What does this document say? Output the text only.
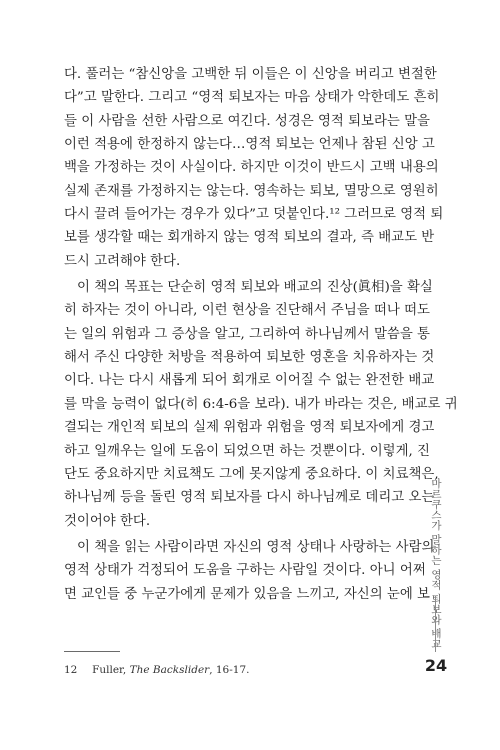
다. 풀러는 “참신앙을 고백한 뒤 이들은 이 신앙을 버리고 변절한
다”고 말한다. 그리고 “영적 퇴보자는 마음 상태가 악한데도 흔히
들 이 사람을 선한 사람으로 여긴다. 성경은 영적 퇴보라는 말을
이런 적용에 한정하지 않는다…영적 퇴보는 언제나 참된 신앙 고
백을 가정하는 것이 사실이다. 하지만 이것이 반드시 고백 내용의
실제 존재를 가정하지는 않는다. 영속하는 퇴보, 멸망으로 영원히
다시 끌려 들어가는 경우가 있다”고 덧붙인다.¹² 그러므로 영적 퇴
보를 생각할 때는 회개하지 않는 영적 퇴보의 결과, 즉 배교도 반
드시 고려해야 한다.
이 책의 목표는 단순히 영적 퇴보와 배교의 진상(眞相)을 확실
히 하자는 것이 아니라, 이런 현상을 진단해서 주님을 떠나 떠도
는 일의 위험과 그 증상을 알고, 그리하여 하나님께서 말씀을 통
해서 주신 다양한 처방을 적용하여 퇴보한 영혼을 치유하자는 것
이다. 나는 다시 새롭게 되어 회개로 이어질 수 없는 완전한 배교
를 막을 능력이 없다(히 6:4-6을 보라). 내가 바라는 것은, 배교로 귀
결되는 개인적 퇴보의 실제 위험과 위험을 영적 퇴보자에게 경고
하고 일깨우는 일에 도움이 되었으면 하는 것뿐이다. 이렇게, 진
단도 중요하지만 치료책도 그에 못지않게 중요하다. 이 치료책은,
하나님께 등을 돌린 영적 퇴보자를 다시 하나님께로 데리고 오는
것이어야 한다.
이 책을 읽는 사람이라면 자신의 영적 상태나 사랑하는 사람의
영적 상태가 걱정되어 도움을 구하는 사람일 것이다. 아니 어쩌
면 교인들 중 누군가에게 문제가 있음을 느끼고, 자신의 눈에 보
12 Fuller, The Backslider, 16-17.
마르쿠스가 말하는 영적 퇴보와 배교
24
